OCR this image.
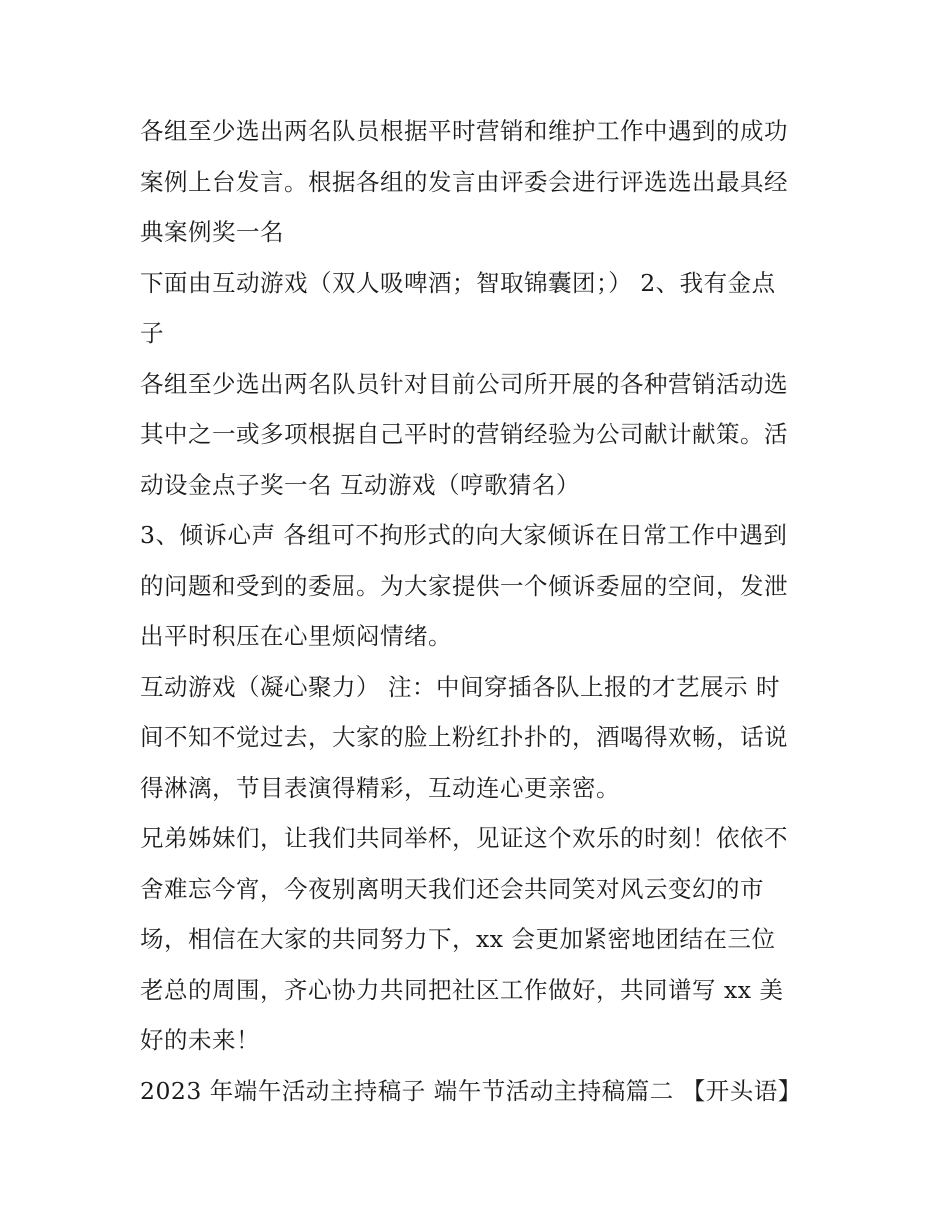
各组至少选出两名队员根据平时营销和维护工作中遇到的成功
案例上台发言。根据各组的发言由评委会进行评选选出最具经
典案例奖一名
下面由互动游戏（双人吸啤酒；智取锦囊团；） 2、我有金点
子
各组至少选出两名队员针对目前公司所开展的各种营销活动选
其中之一或多项根据自己平时的营销经验为公司献计献策。活
动设金点子奖一名 互动游戏（哼歌猜名）
3、倾诉心声 各组可不拘形式的向大家倾诉在日常工作中遇到
的问题和受到的委屈。为大家提供一个倾诉委屈的空间，发泄
出平时积压在心里烦闷情绪。
互动游戏（凝心聚力） 注：中间穿插各队上报的才艺展示 时
间不知不觉过去，大家的脸上粉红扑扑的，酒喝得欢畅，话说
得淋漓，节目表演得精彩，互动连心更亲密。
兄弟姊妹们，让我们共同举杯，见证这个欢乐的时刻！依依不
舍难忘今宵，今夜别离明天我们还会共同笑对风云变幻的市
场，相信在大家的共同努力下，xx 会更加紧密地团结在三位
老总的周围，齐心协力共同把社区工作做好，共同谱写 xx 美
好的未来！
2023 年端午活动主持稿子 端午节活动主持稿篇二 【开头语】
